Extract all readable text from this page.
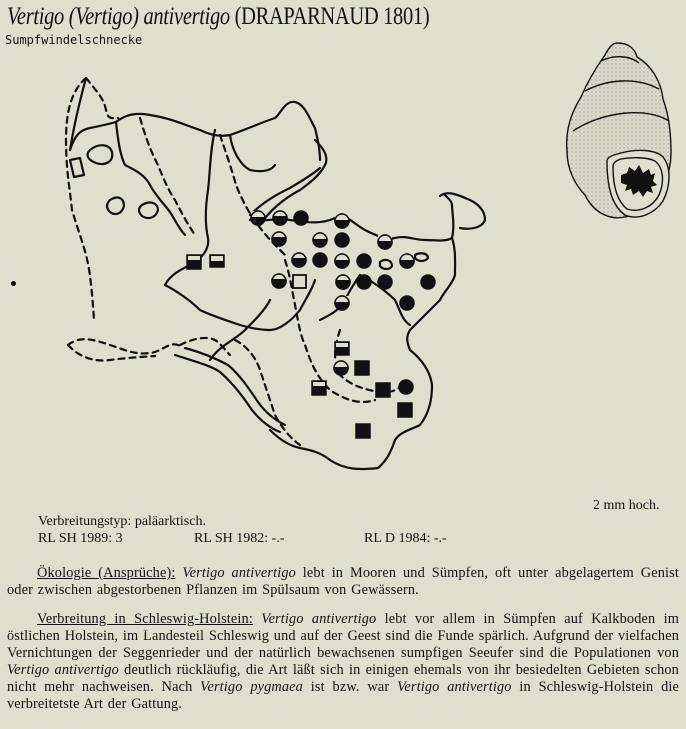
Vertigo (Vertigo) antivertigo (DRAPARNAUD 1801)
Sumpfwindelschnecke
2 mm hoch.
Verbreitungstyp:
paläarktisch.
RL SH 1989: 3	RL SH 1982: -.-	RL D 1984: -.-

Ökologie (Ansprüche): Vertigo antivertigo lebt in Mooren und Sümpfen, oft unter abgelagertem Genist oder zwischen abgestorbenen Pflanzen im Spülsaum von Gewässern.

Verbreitung in Schleswig-Holstein: Vertigo antivertigo lebt vor allem in Sümpfen auf Kalkboden im östlichen Holstein, im Landesteil Schleswig und auf der Geest sind die Funde spärlich. Aufgrund der vielfachen Vernichtungen der Seggenrieder und der natürlich bewachsenen sumpfigen Seeufer sind die Populationen von Vertigo antivertigo deutlich rückläufig, die Art läßt sich in einigen ehemals von ihr besiedelten Gebieten schon nicht mehr nachweisen. Nach Vertigo pygmaea ist bzw. war Vertigo antivertigo in Schleswig-Holstein die verbreitetste Art der Gattung.
